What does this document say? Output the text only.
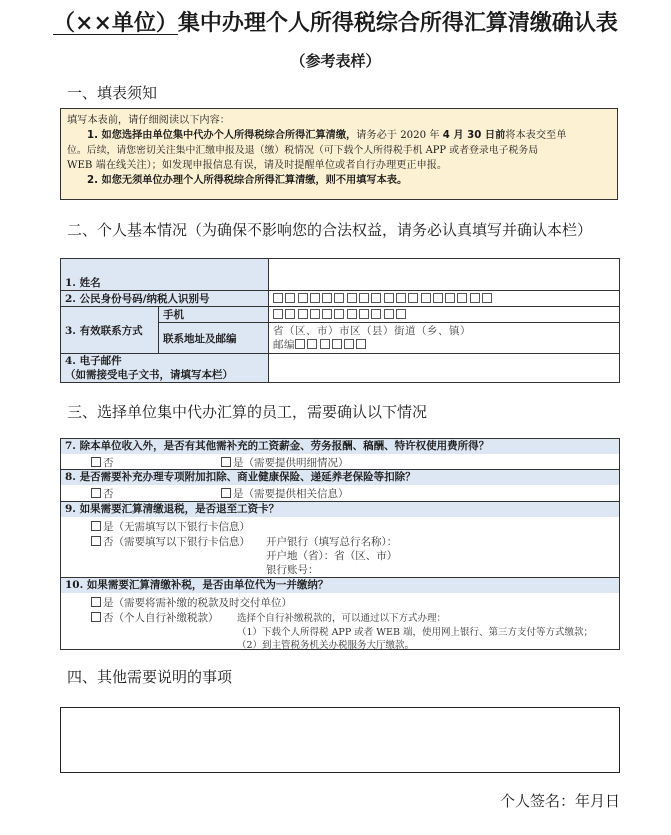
（××单位）集中办理个人所得税综合所得汇算清缴确认表
（参考表样）
一、填表须知
填写本表前，请仔细阅读以下内容：
1. 如您选择由单位集中代办个人所得税综合所得汇算清缴，请务必于 2020 年 4 月 30 日前将本表交至单
位。后续，请您密切关注集中汇缴申报及退（缴）税情况（可下载个人所得税手机 APP 或者登录电子税务局
WEB 端在线关注）；如发现申报信息有误，请及时提醒单位或者自行办理更正申报。
2. 如您无须单位办理个人所得税综合所得汇算清缴，则不用填写本表。
二、个人基本情况（为确保不影响您的合法权益，请务必认真填写并确认本栏）
1. 姓名		
2. 公民身份号码/纳税人识别号		
3. 有效联系方式	手机	
	联系地址及邮编	省（区、市）市区（县）街道（乡、镇）
邮编

4. 电子邮件
（如需接受电子文书，请填写本栏）		

三、选择单位集中代办汇算的员工，需要确认以下情况
7. 除本单位收入外，是否有其他需补充的工资薪金、劳务报酬、稿酬、特许权使用费所得？
否	是（需要提供明细情况）
8. 是否需要补充办理专项附加扣除、商业健康保险、递延养老保险等扣除？
否	是（需要提供相关信息）
9. 如果需要汇算清缴退税，是否退至工资卡？
是（无需填写以下银行卡信息）
否（需要填写以下银行卡信息） 开户银行（填写总行名称）：
开户地（省）：省（区、市）
银行账号：
10. 如果需要汇算清缴补税，是否由单位代为一并缴纳？
是（需要将需补缴的税款及时交付单位）
否（个人自行补缴税款） 选择个自行补缴税款的，可以通过以下方式办理：
（1）下载个人所得税 APP 或者 WEB 端，使用网上银行、第三方支付等方式缴款；
（2）到主管税务机关办税服务大厅缴款。
四、其他需要说明的事项
个人签名：年月日
